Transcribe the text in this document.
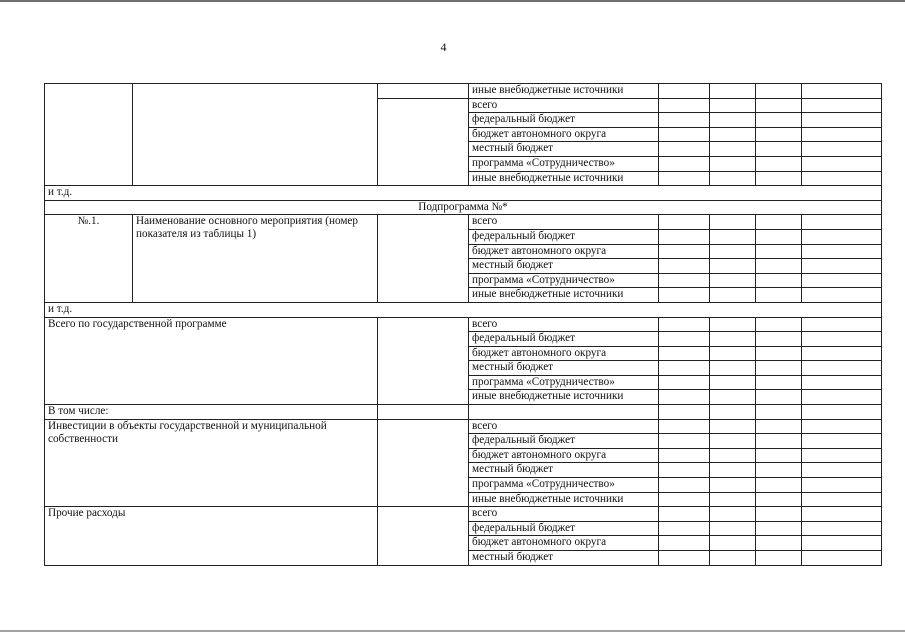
4
			иные внебюджетные источники				
			всего				
			федеральный бюджет				
			бюджет автономного округа				
			местный бюджет				
			программа «Сотрудничество»				
			иные внебюджетные источники				
и т.д.							
Подпрограмма №*							
№.1.	Наименование основного мероприятия (номер показателя из таблицы 1)		всего				
			федеральный бюджет				
			бюджет автономного округа				
			местный бюджет				
			программа «Сотрудничество»				
			иные внебюджетные источники				
и т.д.							
Всего по государственной программе			всего				
			федеральный бюджет				
			бюджет автономного округа				
			местный бюджет				
			программа «Сотрудничество»				
			иные внебюджетные источники				
В том числе:							
Инвестиции в объекты государственной и муниципальной собственности			всего				
			федеральный бюджет				
			бюджет автономного округа				
			местный бюджет				
			программа «Сотрудничество»				
			иные внебюджетные источники				
Прочие расходы			всего				
			федеральный бюджет				
			бюджет автономного округа				
			местный бюджет				
